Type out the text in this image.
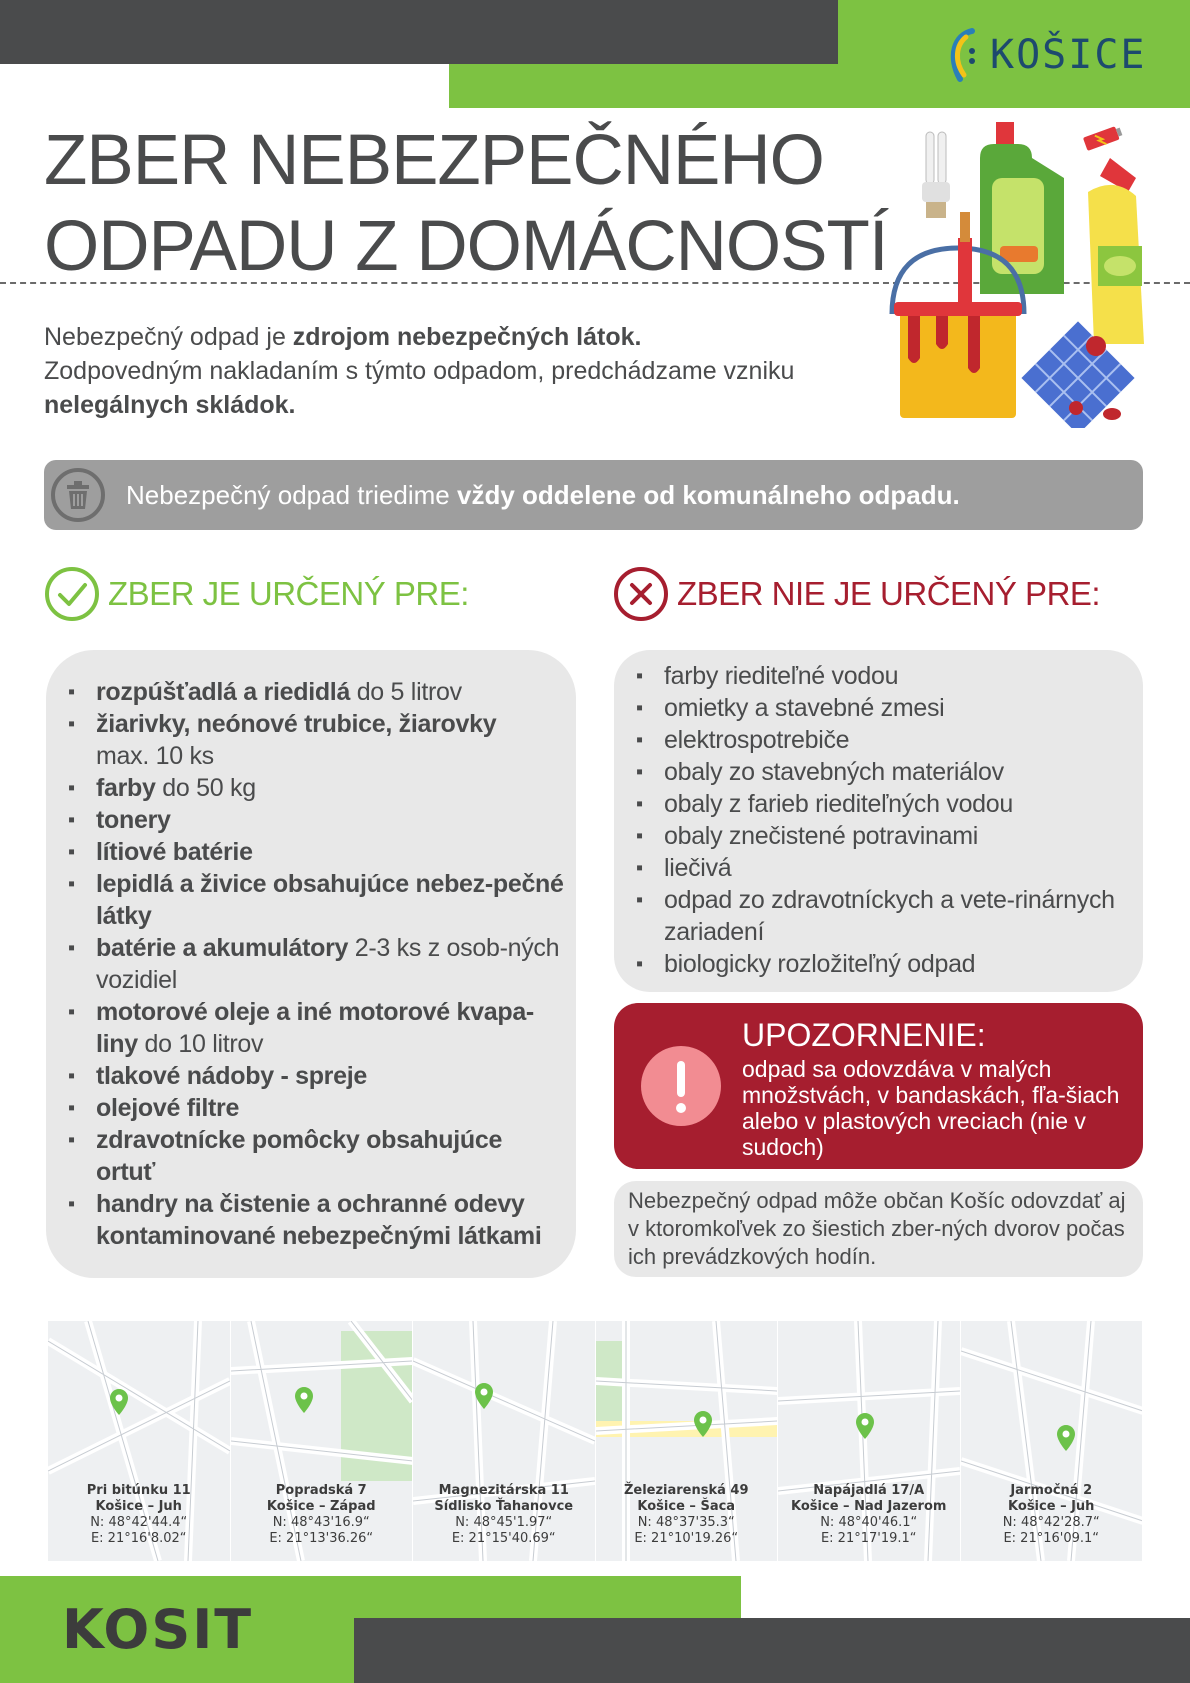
KOŠICE
ZBER NEBEZPEČNÉHO
ODPADU Z DOMÁCNOSTÍ

Nebezpečný odpad je zdrojom nebezpečných látok.
Zodpovedným nakladaním s týmto odpadom, predchádzame vzniku
nelegálnych skládok.

Nebezpečný odpad triedime vždy oddelene od komunálneho odpadu.
ZBER JE URČENÝ PRE:	ZBER NIE JE URČENÝ PRE:
▪ rozpúšťadlá a riedidlá do 5 litrov
▪ žiarivky, neónové trubice, žiarovky
max. 10 ks
▪ farby do 50 kg
▪ tonery
▪ lítiové batérie
▪ lepidlá a živice obsahujúce nebez-pečné látky
▪ batérie a akumulátory 2-3 ks z osob-ných vozidiel
▪ motorové oleje a iné motorové kvapa-liny do 10 litrov
▪ tlakové nádoby - spreje
▪ olejové filtre
▪ zdravotnícke pomôcky obsahujúce ortuť
▪ handry na čistenie a ochranné odevy kontaminované nebezpečnými látkami
▪ farby rieditеľné vodou
▪ omietky a stavebné zmesi
▪ elektrospotrebiče
▪ obaly zo stavebných materiálov
▪ obaly z farieb riediteľných vodou
▪ obaly znečistené potravinami
▪ liečivá
▪ odpad zo zdravotníckych a vete-rinárnych zariadení
▪ biologicky rozložiteľný odpad
UPOZORNENIE:
odpad sa odovzdáva v malých množstvách, v bandaskách, fľa-šiach alebo v plastových vreciach (nie v sudoch)
Nebezpečný odpad môže občan Košíc odovzdať aj v ktoromkoľvek zo šiestich zber-ných dvorov počas ich prevádzkových hodín.
Pri bitúnku 11
Košice – Juh
N: 48°42'44.4“
E: 21°16'8.02“
Popradská 7
Košice – Západ
N: 48°43'16.9“
E: 21°13'36.26“
Magnezitárska 11
Sídlisko Ťahanovce
N: 48°45'1.97“
E: 21°15'40.69“
Železiarenská 49
Košice – Šaca
N: 48°37'35.3“
E: 21°10'19.26“
Napájadlá 17/A
Košice – Nad Jazerom
N: 48°40'46.1“
E: 21°17'19.1“
Jarmočná 2
Košice – Juh
N: 48°42'28.7“
E: 21°16'09.1“
KOSIT
